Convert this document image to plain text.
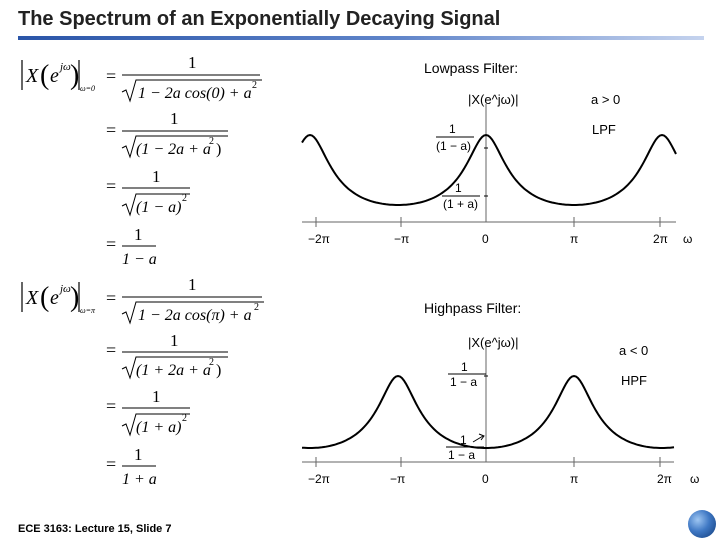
The Spectrum of an Exponentially Decaying Signal
X ( e jω ) ω=0
=
1
1 − 2a cos(0) + a 2
=
1
(1 − 2a + a
2 )
= 1
(1 − a)
2
= 1
1 − a
X ( e jω ) ω=π
=
1
1 − 2a cos(π) + a 2
=	1
(1 + 2a + a
2 )
= 1
(1 + a)
2
= 1
1 + a
Lowpass Filter:
Highpass Filter:
|X(e^jω)|	a > 0
LPF
1
(1 − a)
1
(1 + a)
−2π	−π	0	π	2π ω
|X(e^jω)|
a < 0
HPF
1
1 − a
1
1 − a
−2π	−π	0	π	2π ω
ECE 3163: Lecture 15, Slide 7
